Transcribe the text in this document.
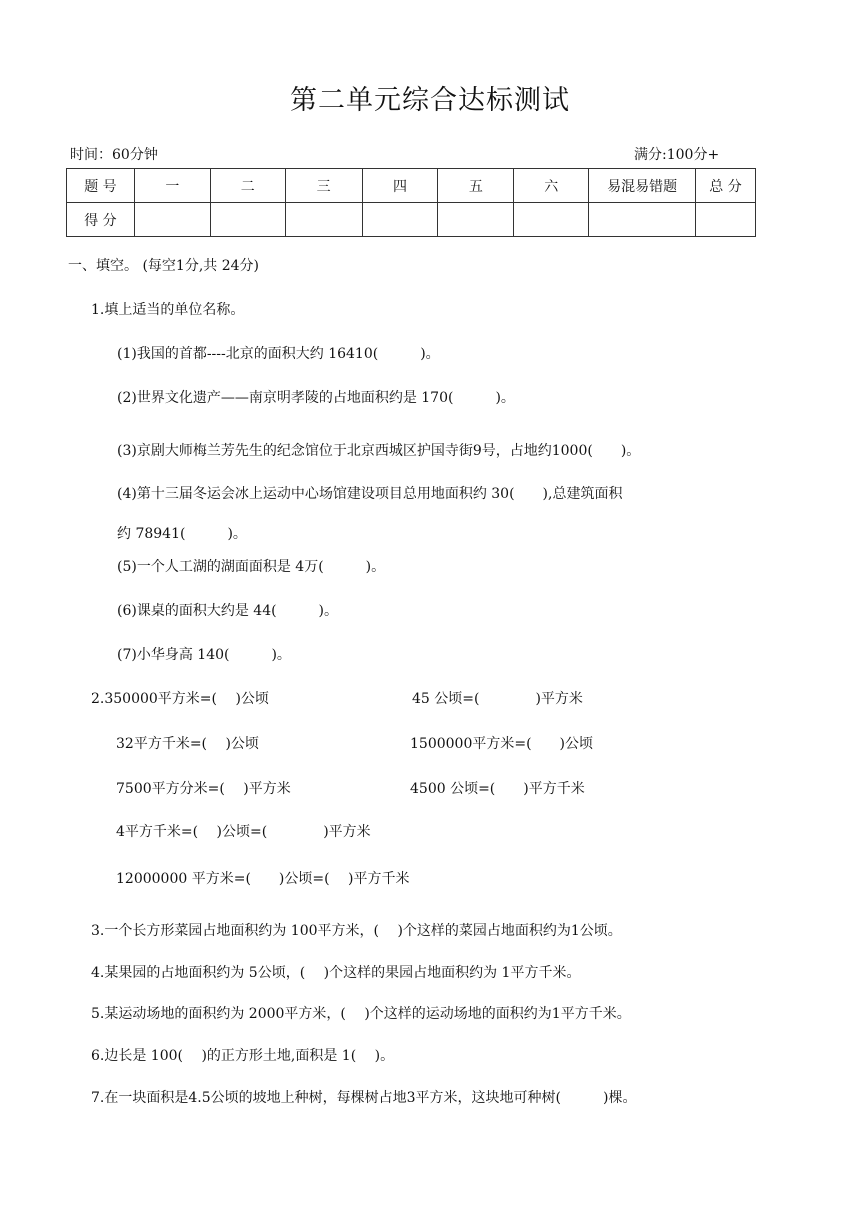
第二单元综合达标测试
时间：60分钟	满分:100分+
题 号	一	二	三	四	五	六	易混易错题	总 分
得 分								
一、填空。 (每空1分,共 24分)
1.填上适当的单位名称。
(1)我国的首都----北京的面积大约 16410(　　　)。
(2)世界文化遗产——南京明孝陵的占地面积约是 170(　　　)。
(3)京剧大师梅兰芳先生的纪念馆位于北京西城区护国寺街9号，占地约1000(　　)。
(4)第十三届冬运会冰上运动中心场馆建设项目总用地面积约 30(　　),总建筑面积
约 78941(　　　)。
(5)一个人工湖的湖面面积是 4万(　　　)。
(6)课桌的面积大约是 44(　　　)。
(7)小华身高 140(　　　)。
2.350000平方米=(　 )公顷	45 公顷=(　　　　)平方米
32平方千米=(　 )公顷	1500000平方米=(　　)公顷
7500平方分米=(　 )平方米	4500 公顷=(　　)平方千米
4平方千米=(　 )公顷=(　　　　)平方米
12000000 平方米=(　　)公顷=(　 )平方千米
3.一个长方形菜园占地面积约为 100平方米，(　 )个这样的菜园占地面积约为1公顷。
4.某果园的占地面积约为 5公顷，(　 )个这样的果园占地面积约为 1平方千米。
5.某运动场地的面积约为 2000平方米，(　 )个这样的运动场地的面积约为1平方千米。
6.边长是 100(　 )的正方形土地,面积是 1(　 )。
7.在一块面积是4.5公顷的坡地上种树，每棵树占地3平方米，这块地可种树(　　　)棵。
